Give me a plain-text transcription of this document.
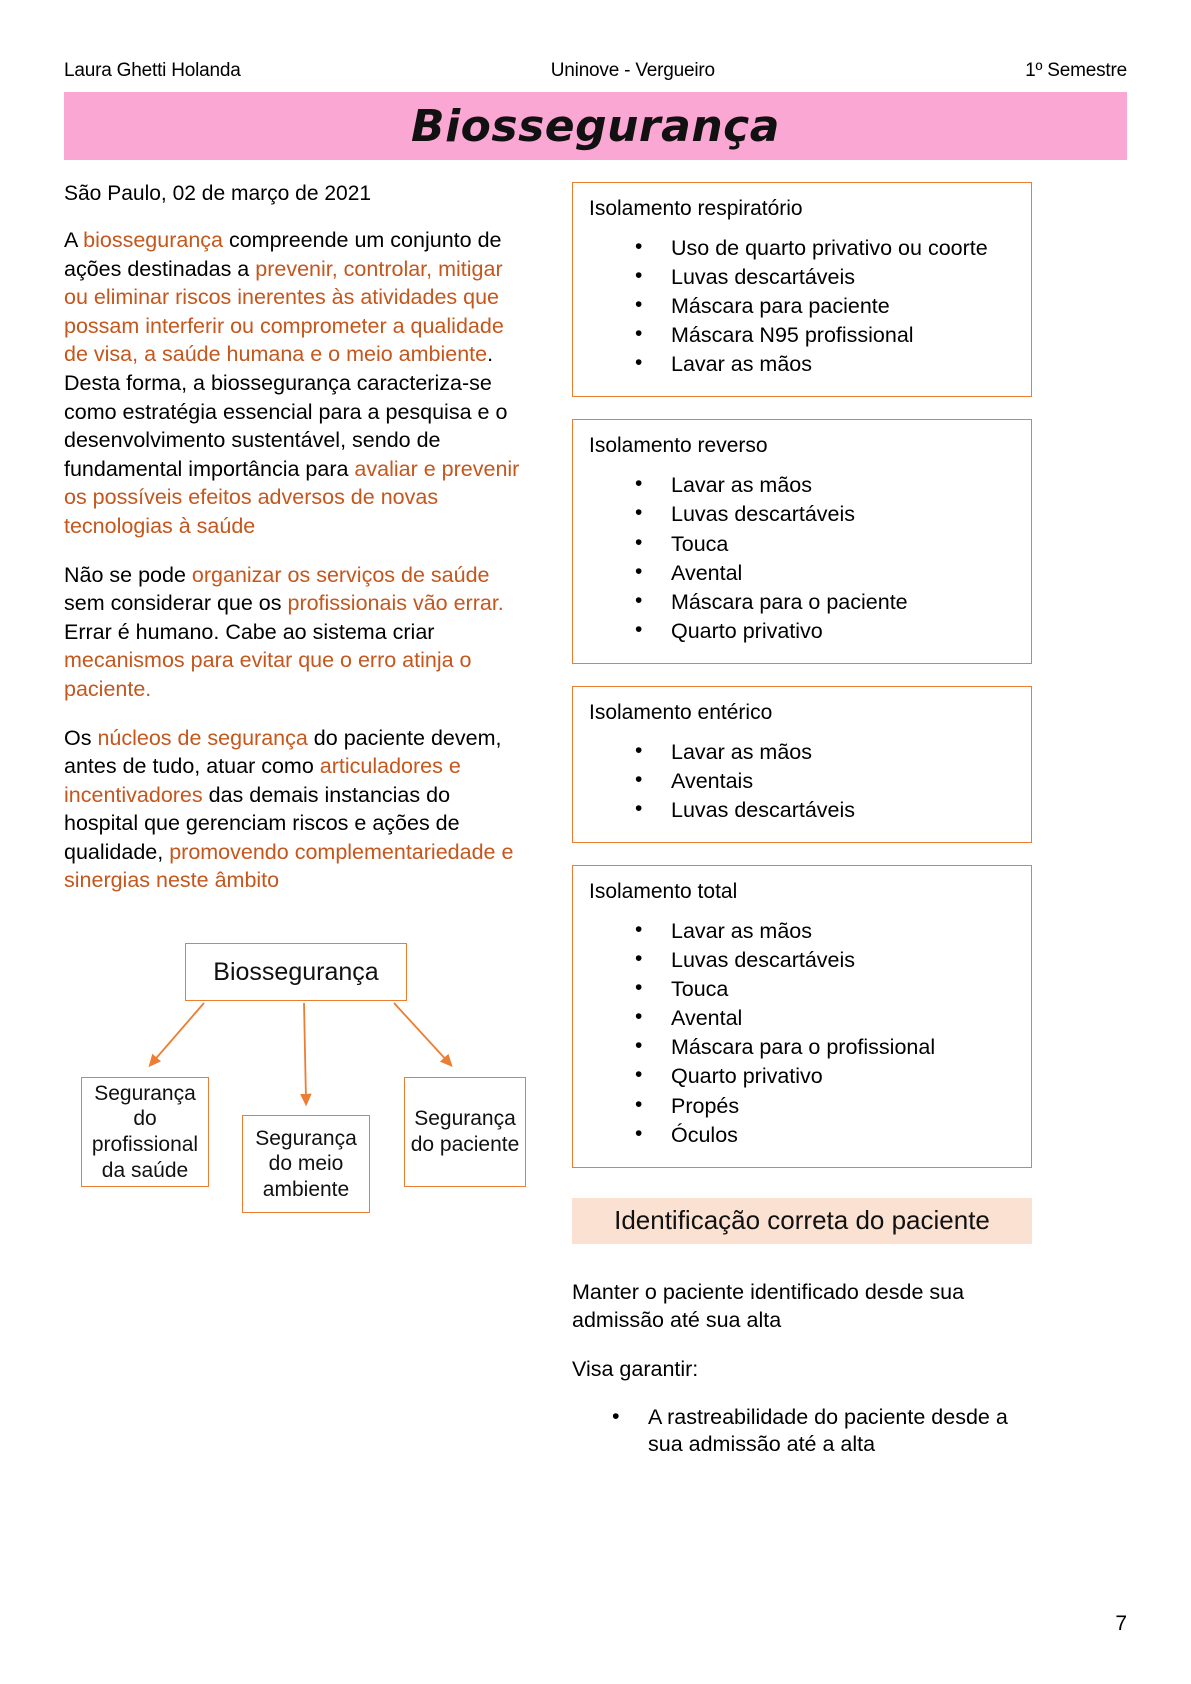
Laura Ghetti Holanda	Uninove - Vergueiro	1º Semestre
Biossegurança
São Paulo, 02 de março de 2021

A biossegurança compreende um conjunto de ações destinadas a prevenir, controlar, mitigar ou eliminar riscos inerentes às atividades que possam interferir ou comprometer a qualidade de visa, a saúde humana e o meio ambiente. Desta forma, a biossegurança caracteriza-se como estratégia essencial para a pesquisa e o desenvolvimento sustentável, sendo de fundamental importância para avaliar e prevenir os possíveis efeitos adversos de novas tecnologias à saúde

Não se pode organizar os serviços de saúde sem considerar que os profissionais vão errar. Errar é humano. Cabe ao sistema criar mecanismos para evitar que o erro atinja o paciente.

Os núcleos de segurança do paciente devem, antes de tudo, atuar como articuladores e incentivadores das demais instancias do hospital que gerenciam riscos e ações de qualidade, promovendo complementariedade e sinergias neste âmbito

Biossegurança
Segurança do profissional da saúde
Segurança do meio ambiente
Segurança do paciente
Isolamento respiratório
• Uso de quarto privativo ou coorte
• Luvas descartáveis
• Máscara para paciente
• Máscara N95 profissional
• Lavar as mãos
Isolamento reverso
• Lavar as mãos
• Luvas descartáveis
• Touca
• Avental
• Máscara para o paciente
• Quarto privativo
Isolamento entérico
• Lavar as mãos
• Aventais
• Luvas descartáveis
Isolamento total
• Lavar as mãos
• Luvas descartáveis
• Touca
• Avental
• Máscara para o profissional
• Quarto privativo
• Propés
• Óculos
Identificação correta do paciente

Manter o paciente identificado desde sua admissão até sua alta

Visa garantir:

• A rastreabilidade do paciente desde a sua admissão até a alta
7
